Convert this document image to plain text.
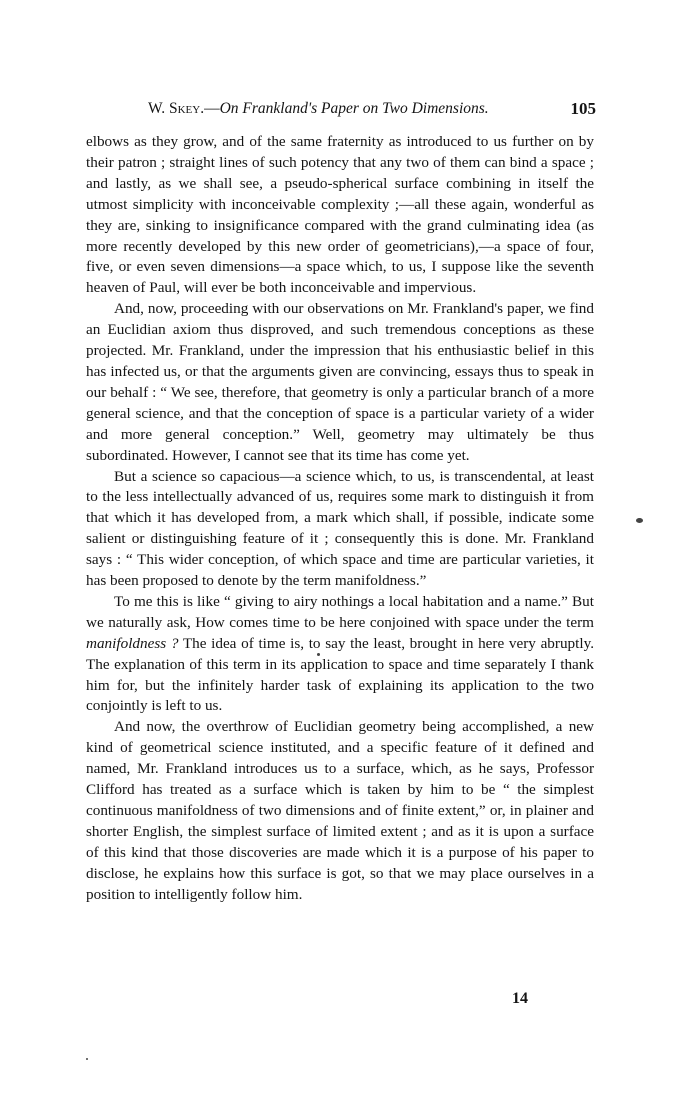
W. Skey.—On Frankland's Paper on Two Dimensions.	105

elbows as they grow, and of the same fraternity as introduced to us further on by their patron ; straight lines of such potency that any two of them can bind a space ; and lastly, as we shall see, a pseudo-spherical surface combining in itself the utmost simplicity with inconceivable complexity ;—all these again, wonderful as they are, sinking to insignificance compared with the grand culminating idea (as more recently developed by this new order of geometricians),—a space of four, five, or even seven dimensions—a space which, to us, I suppose like the seventh heaven of Paul, will ever be both inconceivable and impervious.

And, now, proceeding with our observations on Mr. Frankland's paper, we find an Euclidian axiom thus disproved, and such tremendous conceptions as these projected. Mr. Frankland, under the impression that his enthusiastic belief in this has infected us, or that the arguments given are convincing, essays thus to speak in our behalf : “ We see, therefore, that geometry is only a particular branch of a more general science, and that the conception of space is a particular variety of a wider and more general conception.” Well, geometry may ultimately be thus subordinated. However, I cannot see that its time has come yet.

But a science so capacious—a science which, to us, is transcendental, at least to the less intellectually advanced of us, requires some mark to distinguish it from that which it has developed from, a mark which shall, if possible, indicate some salient or distinguishing feature of it ; consequently this is done. Mr. Frankland says : “ This wider conception, of which space and time are particular varieties, it has been proposed to denote by the term manifoldness.”

To me this is like “ giving to airy nothings a local habitation and a name.” But we naturally ask, How comes time to be here conjoined with space under the term manifoldness ? The idea of time is, to say the least, brought in here very abruptly. The explanation of this term in its application to space and time separately I thank him for, but the infinitely harder task of explaining its application to the two conjointly is left to us.

And now, the overthrow of Euclidian geometry being accomplished, a new kind of geometrical science instituted, and a specific feature of it defined and named, Mr. Frankland introduces us to a surface, which, as he says, Professor Clifford has treated as a surface which is taken by him to be “ the simplest continuous manifoldness of two dimensions and of finite extent,” or, in plainer and shorter English, the simplest surface of limited extent ; and as it is upon a surface of this kind that those discoveries are made which it is a purpose of his paper to disclose, he explains how this surface is got, so that we may place ourselves in a position to intelligently follow him.

14
